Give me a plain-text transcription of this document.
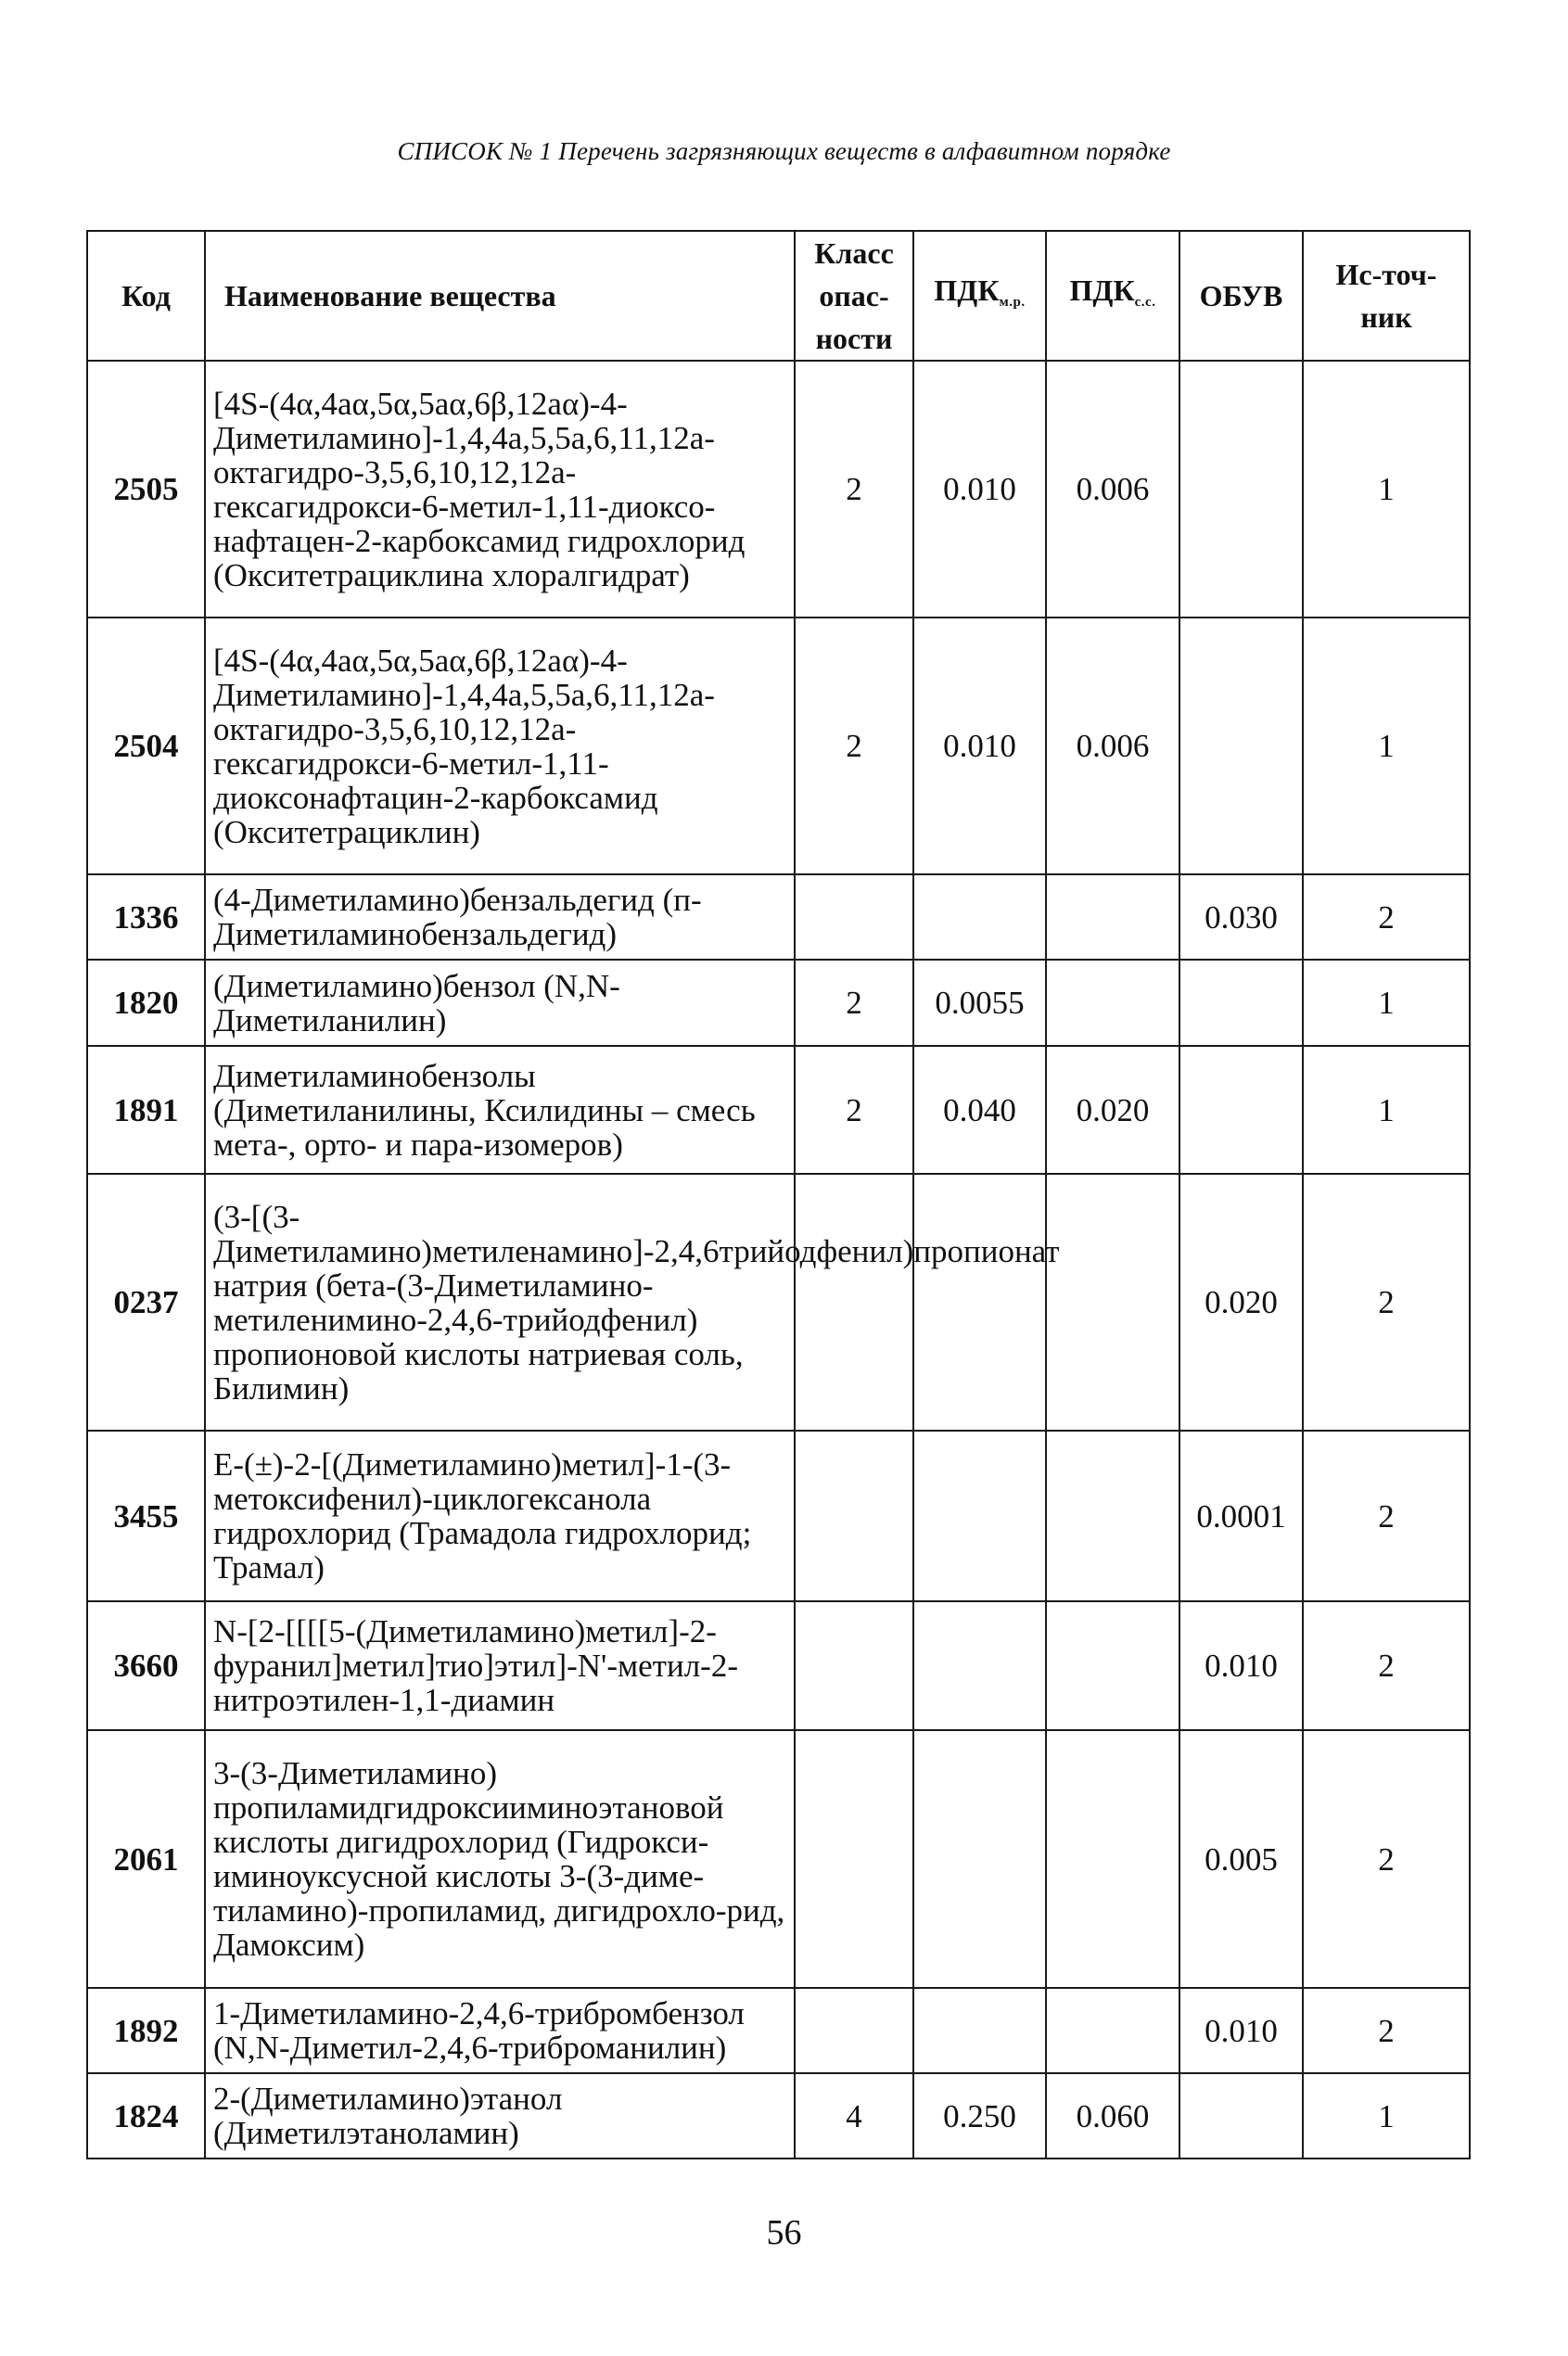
СПИСОК № 1 Перечень загрязняющих веществ в алфавитном порядке
Код	Наименование вещества	Класс опас-ности	$ПДК_{м.р.}$	$ПДК_{с.с.}$	ОБУВ	Ис-точ-ник
2505	[4S-(4α,4аα,5α,5аα,6β,12аα)-4-Диметиламино]-1,4,4а,5,5а,6,11,12а-октагидро-3,5,6,10,12,12а-гексагидрокси-6-метил-1,11-диоксо-нафтацен-2-карбоксамид гидрохлорид (Окситетрациклина хлоралгидрат)	2	0.010	0.006		1
2504	[4S-(4α,4аα,5α,5аα,6β,12аα)-4-Диметиламино]-1,4,4а,5,5а,6,11,12а-октагидро-3,5,6,10,12,12а-гексагидрокси-6-метил-1,11-диоксонафтацин-2-карбоксамид (Окситетрациклин)	2	0.010	0.006		1
1336	(4-Диметиламино)бензальдегид (п-Диметиламинобензальдегид)				0.030	2
1820	(Диметиламино)бензол (N,N-Диметиланилин)	2	0.0055			1
1891	Диметиламинобензолы (Диметиланилины, Ксилидины – смесь мета-, орто- и пара-изомеров)	2	0.040	0.020		1
0237	(3-[(3-Диметиламино)метиленамино]-2,4,6трийодфенил)пропионат натрия (бета-(3-Диметиламино-метиленимино-2,4,6-трийодфенил) пропионовой кислоты натриевая соль, Билимин)				0.020	2
3455	E-(±)-2-[(Диметиламино)метил]-1-(3-метоксифенил)-циклогексанола гидрохлорид (Трамадола гидрохлорид; Трамал)				0.0001	2
3660	N-[2-[[[[5-(Диметиламино)метил]-2-фуранил]метил]тио]этил]-N'-метил-2-нитроэтилен-1,1-диамин				0.010	2
2061	3-(3-Диметиламино) пропиламидгидроксииминоэтановой кислоты дигидрохлорид (Гидрокси-иминоуксусной кислоты 3-(3-диме-тиламино)-пропиламид, дигидрохло-рид, Дамоксим)				0.005	2
1892	1-Диметиламино-2,4,6-трибромбензол (N,N-Диметил-2,4,6-триброманилин)				0.010	2
1824	2-(Диметиламино)этанол (Диметилэтаноламин)	4	0.250	0.060		1
56
